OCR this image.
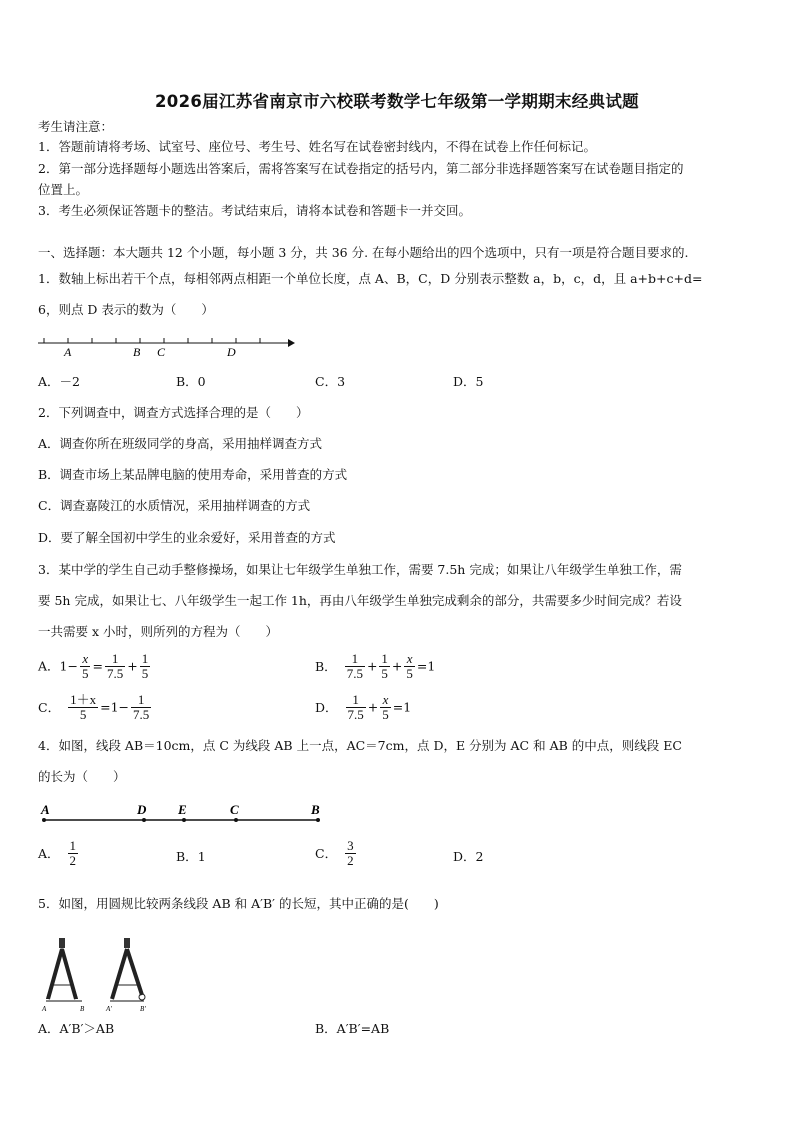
2026届江苏省南京市六校联考数学七年级第一学期期末经典试题
考生请注意：
1．答题前请将考场、试室号、座位号、考生号、姓名写在试卷密封线内，不得在试卷上作任何标记。
2．第一部分选择题每小题选出答案后，需将答案写在试卷指定的括号内，第二部分非选择题答案写在试卷题目指定的
位置上。
3．考生必须保证答题卡的整洁。考试结束后，请将本试卷和答题卡一并交回。
一、选择题：本大题共 12 个小题，每小题 3 分，共 36 分. 在每小题给出的四个选项中，只有一项是符合题目要求的.
1．数轴上标出若干个点，每相邻两点相距一个单位长度，点 A、B，C，D 分别表示整数 a，b，c，d，且 a+b+c+d=
6，则点 D 表示的数为（　　）
A	B C	D
A．－2	B．0	C．3	D．5
2．下列调查中，调查方式选择合理的是（　　）
A．调查你所在班级同学的身高，采用抽样调查方式
B．调查市场上某品牌电脑的使用寿命，采用普查的方式
C．调查嘉陵江的水质情况，采用抽样调查的方式
D．要了解全国初中学生的业余爱好，采用普查的方式
3．某中学的学生自己动手整修操场，如果让七年级学生单独工作，需要 7.5h 完成；如果让八年级学生单独工作，需
要 5h 完成，如果让七、八年级学生一起工作 1h，再由八年级学生单独完成剩余的部分，共需要多少时间完成？若设
一共需要 x 小时，则所列的方程为（　　）
A．$1- \frac{x}{5} = \frac{1}{7.5} + \frac{1}{5}$	B． $\frac{1}{7.5} + \frac{1}{5} + \frac{x}{5} =1$
C． $\frac{1+x}{5} =1- \frac{1}{7.5}$	D． $\frac{1}{7.5} + \frac{x}{5} =1$
4．如图，线段 AB＝10cm，点 C 为线段 AB 上一点，AC＝7cm，点 D，E 分别为 AC 和 AB 的中点，则线段 EC
的长为（　　）
A	D E	C	B
A． $\frac{1}{2}$	B．1	C． $\frac{3}{2}$	D．2
5．如图，用圆规比较两条线段 AB 和 A′B′ 的长短，其中正确的是(　　)
A	B	A′	B′
A．A′B′＞AB	B．A′B′=AB
